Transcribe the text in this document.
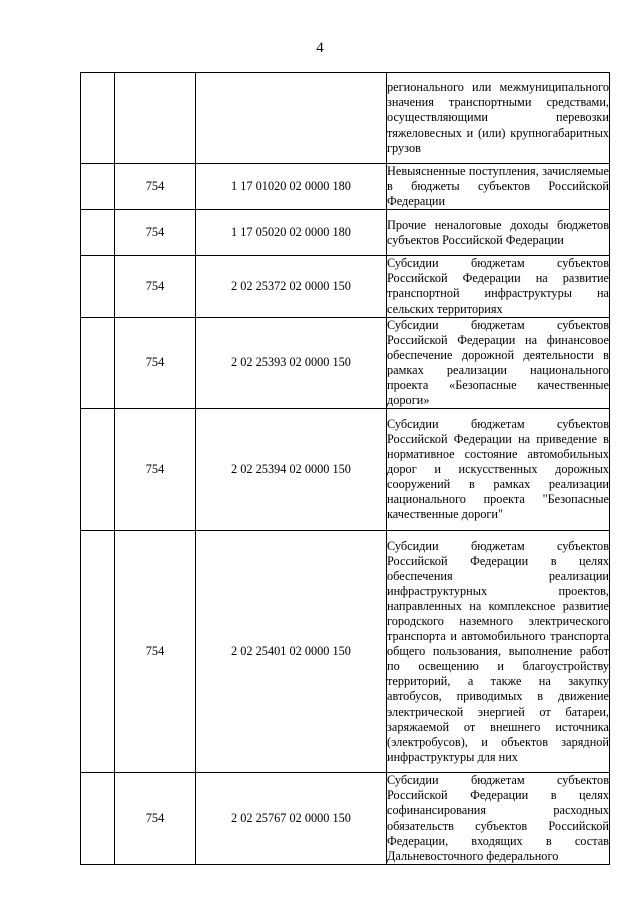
4
			регионального или межмуниципального значения транспортными средствами, осуществляющими перевозки тяжеловесных и (или) крупногабаритных грузов
	754	1 17 01020 02 0000 180	Невыясненные поступления, зачисляемые в бюджеты субъектов Российской Федерации
	754	1 17 05020 02 0000 180	Прочие неналоговые доходы бюджетов субъектов Российской Федерации
	754	2 02 25372 02 0000 150	Субсидии бюджетам субъектов Российской Федерации на развитие транспортной инфраструктуры на сельских территориях
	754	2 02 25393 02 0000 150	Субсидии бюджетам субъектов Российской Федерации на финансовое обеспечение дорожной деятельности в рамках реализации национального проекта «Безопасные качественные дороги»
	754	2 02 25394 02 0000 150	Субсидии бюджетам субъектов Российской Федерации на приведение в нормативное состояние автомобильных дорог и искусственных дорожных сооружений в рамках реализации национального проекта "Безопасные качественные дороги"
	754	2 02 25401 02 0000 150	Субсидии бюджетам субъектов Российской Федерации в целях обеспечения реализации инфраструктурных проектов, направленных на комплексное развитие городского наземного электрического транспорта и автомобильного транспорта общего пользования, выполнение работ по освещению и благоустройству территорий, а также на закупку автобусов, приводимых в движение электрической энергией от батареи, заряжаемой от внешнего источника (электробусов), и объектов зарядной инфраструктуры для них
	754	2 02 25767 02 0000 150	Субсидии бюджетам субъектов Российской Федерации в целях софинансирования расходных обязательств субъектов Российской Федерации, входящих в состав Дальневосточного федерального
